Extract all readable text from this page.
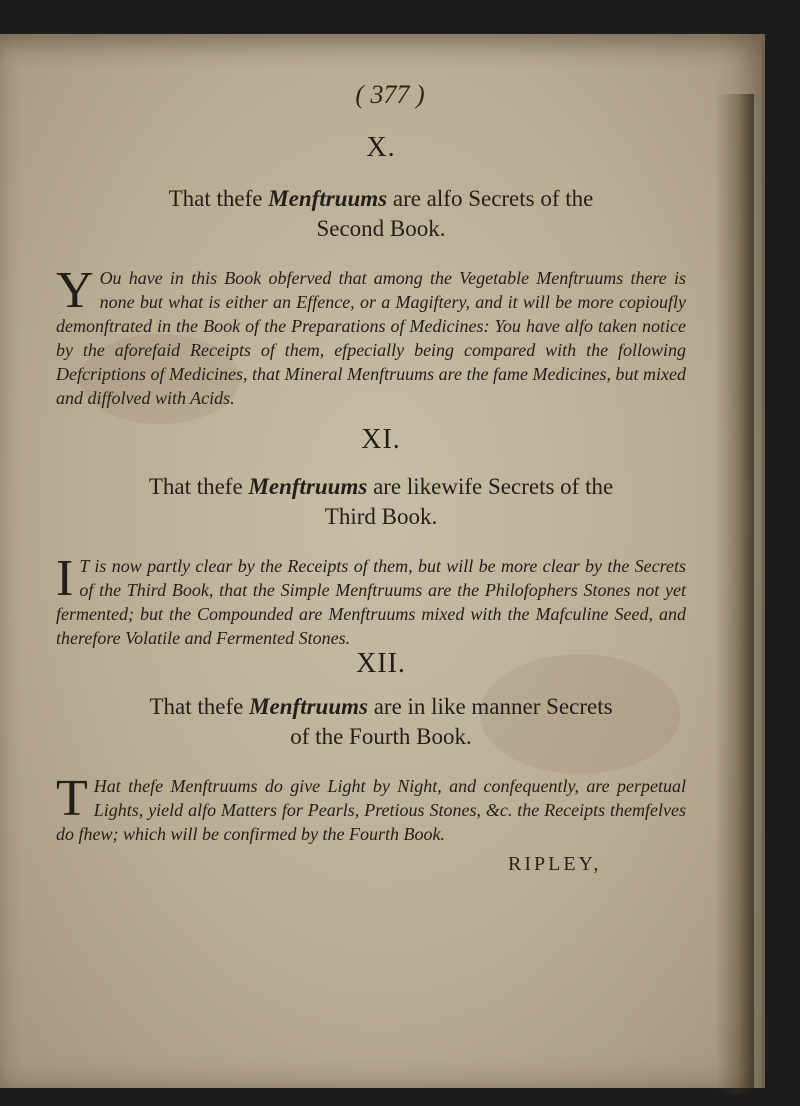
( 377 )
X.
That thefe Menftruums are alfo Secrets of the
Second Book.
Y Ou have in this Book obferved that among the Vegetable Menftruums there is none but what is either an Effence, or a Magiftery, and it will be more copioufly demonftrated in the Book of the Preparations of Medicines: You have alfo taken notice by the aforefaid Receipts of them, efpecially being compared with the following Defcriptions of Medicines, that Mineral Menftruums are the fame Medicines, but mixed and diffolved with Acids.
XI.
That thefe Menftruums are likewife Secrets of the
Third Book.
I T is now partly clear by the Receipts of them, but will be more clear by the Secrets of the Third Book, that the Simple Menftruums are the Philofophers Stones not yet fermented; but the Compounded are Menftruums mixed with the Mafculine Seed, and therefore Volatile and Fermented Stones.
XII.
That thefe Menftruums are in like manner Secrets
of the Fourth Book.
T Hat thefe Menftruums do give Light by Night, and confequently, are perpetual Lights, yield alfo Matters for Pearls, Pretious Stones, &c. the Receipts themfelves do fhew; which will be confirmed by the Fourth Book.
RIPLEY,
